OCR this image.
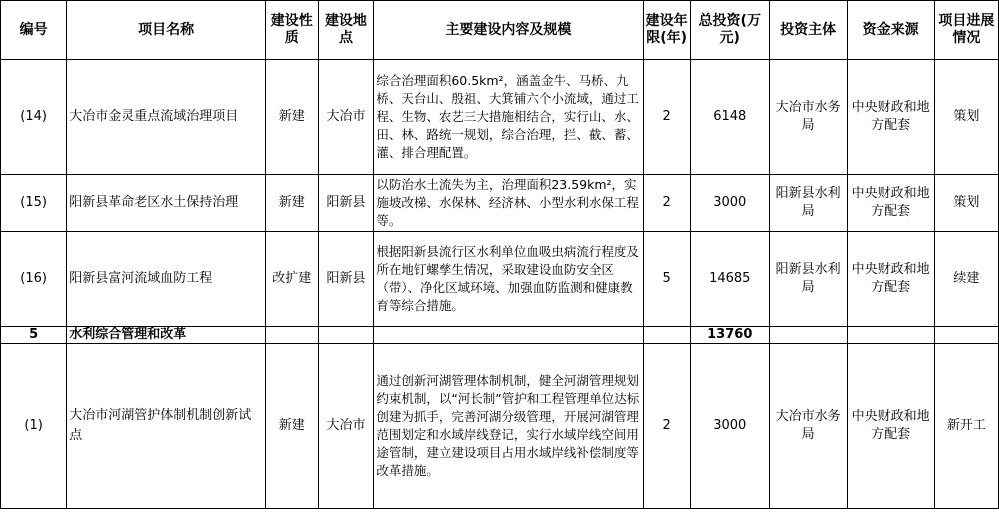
编号	项目名称	建设性质	建设地点	主要建设内容及规模	建设年限(年)	总投资(万元)	投资主体	资金来源	项目进展情况
(14)	大冶市金灵重点流域治理项目	新建	大冶市	综合治理面积60.5km²，涵盖金牛、马桥、九桥、天台山、殷祖、大箕铺六个小流域，通过工程、生物、农艺三大措施相结合，实行山、水、田、林、路统一规划，综合治理，拦、截、蓄、灌、排合理配置。	2	6148	大冶市水务局	中央财政和地方配套	策划
(15)	阳新县革命老区水土保持治理	新建	阳新县	以防治水土流失为主，治理面积23.59km²，实施坡改梯、水保林、经济林、小型水利水保工程等。	2	3000	阳新县水利局	中央财政和地方配套	策划
(16)	阳新县富河流域血防工程	改扩建	阳新县	根据阳新县流行区水利单位血吸虫病流行程度及所在地钉螺孳生情况，采取建设血防安全区（带）、净化区域环境、加强血防监测和健康教育等综合措施。	5	14685	阳新县水利局	中央财政和地方配套	续建
5	水利综合管理和改革					13760			
(1)	大冶市河湖管护体制机制创新试点	新建	大冶市	通过创新河湖管理体制机制，健全河湖管理规划约束机制，以“河长制”管护和工程管理单位达标创建为抓手，完善河湖分级管理，开展河湖管理范围划定和水域岸线登记，实行水域岸线空间用途管制，建立建设项目占用水域岸线补偿制度等改革措施。	2	3000	大冶市水务局	中央财政和地方配套	新开工
